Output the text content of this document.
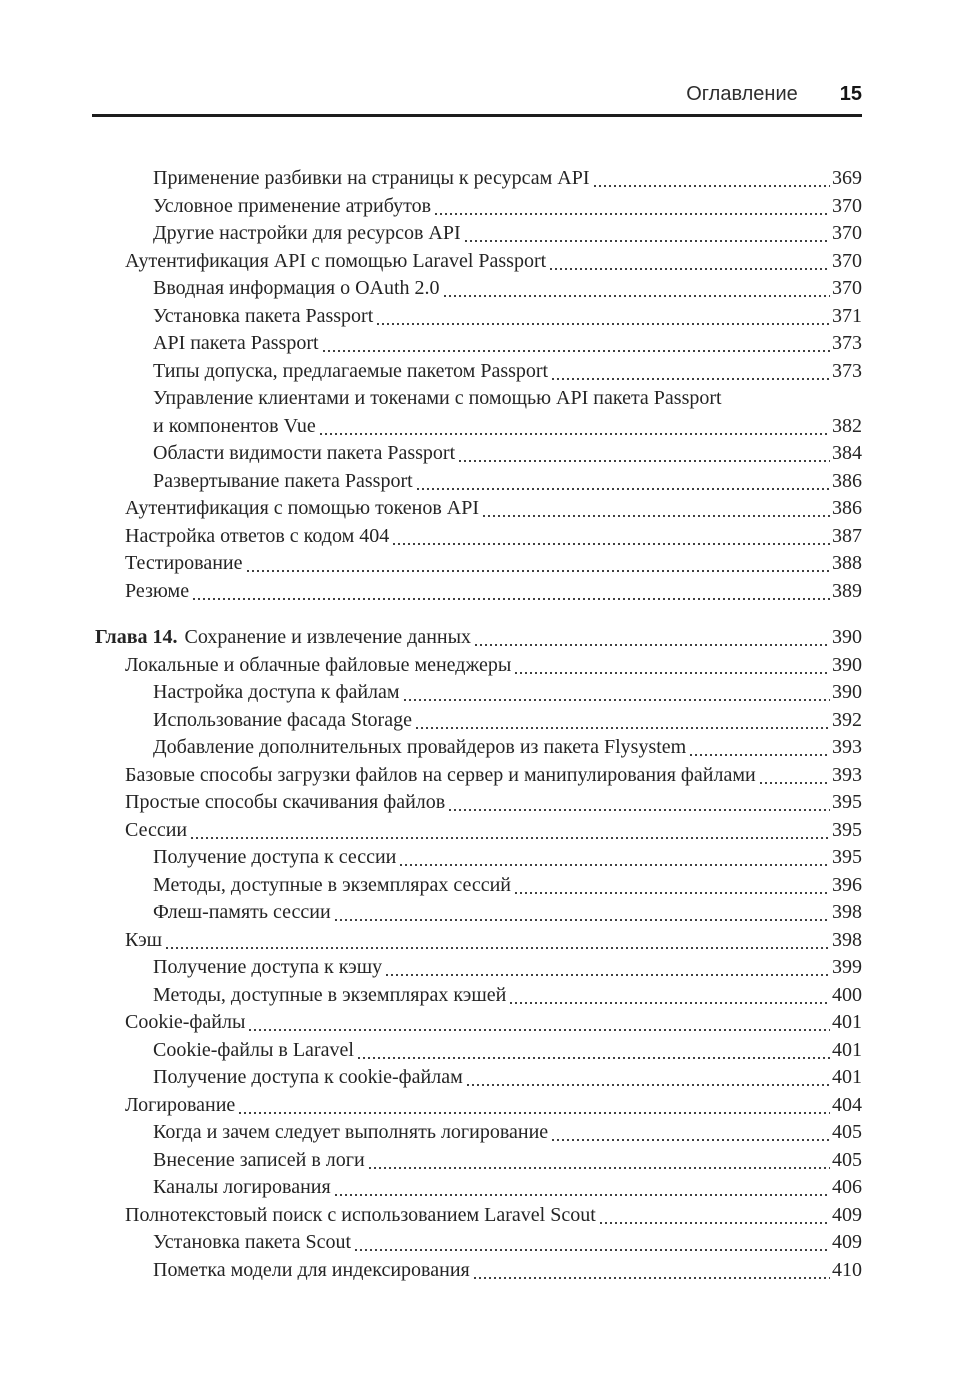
Оглавление 15
Применение разбивки на страницы к ресурсам API	369
Условное применение атрибутов	370
Другие настройки для ресурсов API	370
Аутентификация API с помощью Laravel Passport	370
Вводная информация о OAuth 2.0	370
Установка пакета Passport	371
API пакета Passport	373
Типы допуска, предлагаемые пакетом Passport	373
Управление клиентами и токенами с помощью API пакета Passport
и компонентов Vue	382
Области видимости пакета Passport	384
Развертывание пакета Passport	386
Аутентификация с помощью токенов API	386
Настройка ответов с кодом 404	387
Тестирование	388
Резюме	389
Глава 14. Сохранение и извлечение данных	390
Локальные и облачные файловые менеджеры	390
Настройка доступа к файлам	390
Использование фасада Storage	392
Добавление дополнительных провайдеров из пакета Flysystem	393
Базовые способы загрузки файлов на сервер и манипулирования файлами	393
Простые способы скачивания файлов	395
Сессии	395
Получение доступа к сессии	395
Методы, доступные в экземплярах сессий	396
Флеш-память сессии	398
Кэш	398
Получение доступа к кэшу	399
Методы, доступные в экземплярах кэшей	400
Cookie-файлы	401
Cookie-файлы в Laravel	401
Получение доступа к cookie-файлам	401
Логирование	404
Когда и зачем следует выполнять логирование	405
Внесение записей в логи	405
Каналы логирования	406
Полнотекстовый поиск с использованием Laravel Scout	409
Установка пакета Scout	409
Пометка модели для индексирования	410
